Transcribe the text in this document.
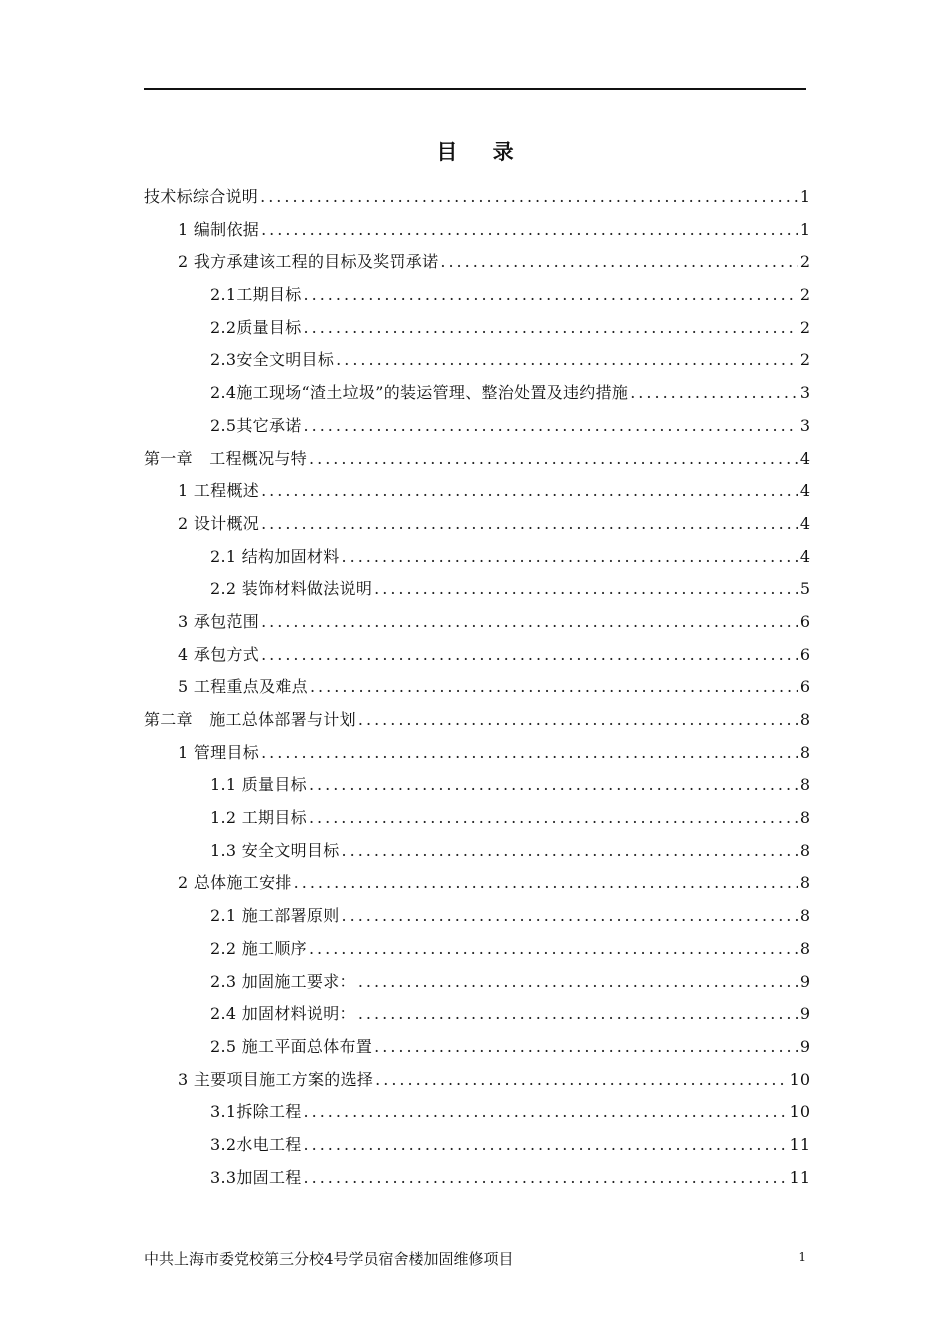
目 录
技术标综合说明 .....	1
1 编制依据 .....	1
2 我方承建该工程的目标及奖罚承诺 .....	2
2.1工期目标 .....	2
2.2质量目标 .....	2
2.3安全文明目标 .....	2
2.4施工现场“渣土垃圾”的装运管理、整治处置及违约措施 .....	3
2.5其它承诺 .....	3
第一章　工程概况与特 .....	4
1 工程概述 .....	4
2 设计概况 .....	4
2.1 结构加固材料 .....	4
2.2 装饰材料做法说明 .....	5
3 承包范围 .....	6
4 承包方式 .....	6
5 工程重点及难点 .....	6
第二章　施工总体部署与计划 .....	8
1 管理目标 .....	8
1.1 质量目标 .....	8
1.2 工期目标 .....	8
1.3 安全文明目标 .....	8
2 总体施工安排 .....	8
2.1 施工部署原则 .....	8
2.2 施工顺序 .....	8
2.3 加固施工要求： .....	9
2.4 加固材料说明： .....	9
2.5 施工平面总体布置 .....	9
3 主要项目施工方案的选择 .....	10
3.1拆除工程 .....	10
3.2水电工程 .....	11
3.3加固工程 .....	11
中共上海市委党校第三分校4号学员宿舍楼加固维修项目	1
